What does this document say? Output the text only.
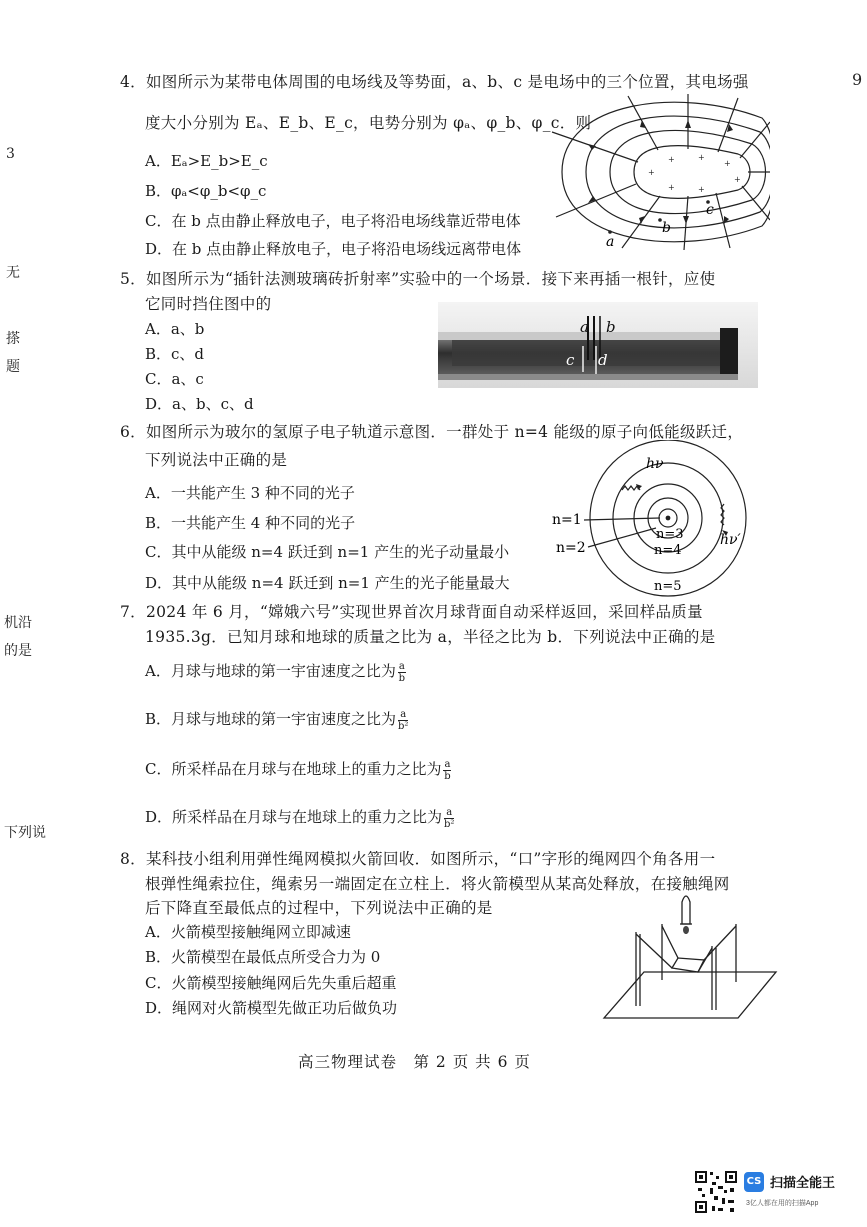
9
3
无
搽
题
机沿
的是
下列说
4．如图所示为某带电体周围的电场线及等势面，a、b、c 是电场中的三个位置，其电场强
度大小分别为 Eₐ、E_b、E_c，电势分别为 φₐ、φ_b、φ_c．则
A．Eₐ>E_b>E_c
B．φₐ<φ_b<φ_c
C．在 b 点由静止释放电子，电子将沿电场线靠近带电体
D．在 b 点由静止释放电子，电子将沿电场线远离带电体
+
+	+
+
+	+
+
a
b
c
5．如图所示为“插针法测玻璃砖折射率”实验中的一个场景．接下来再插一根针，应使
它同时挡住图中的
A．a、b
B．c、d
C．a、c
D．a、b、c、d
a b
c d
6．如图所示为玻尔的氢原子电子轨道示意图．一群处于 n=4 能级的原子向低能级跃迁，
下列说法中正确的是
A．一共能产生 3 种不同的光子
B．一共能产生 4 种不同的光子
C．其中从能级 n=4 跃迁到 n=1 产生的光子动量最小
D．其中从能级 n=4 跃迁到 n=1 产生的光子能量最大
hν
hν′
n=1
n=2
n=3
n=4
n=5
7．2024 年 6 月，“嫦娥六号”实现世界首次月球背面自动采样返回，采回样品质量
1935.3g．已知月球和地球的质量之比为 a，半径之比为 b．下列说法中正确的是
A．月球与地球的第一宇宙速度之比为 $\frac{a}{b}$
B．月球与地球的第一宇宙速度之比为 $\frac{a}{\text{b²}}$
C．所采样品在月球与在地球上的重力之比为 $\frac{a}{b}$
D．所采样品在月球与在地球上的重力之比为 $\frac{a}{\text{b²}}$
8．某科技小组利用弹性绳网模拟火箭回收．如图所示，“口”字形的绳网四个角各用一
根弹性绳索拉住，绳索另一端固定在立柱上．将火箭模型从某高处释放，在接触绳网
后下降直至最低点的过程中，下列说法中正确的是
A．火箭模型接触绳网立即减速
B．火箭模型在最低点所受合力为 0
C．火箭模型接触绳网后先失重后超重
D．绳网对火箭模型先做正功后做负功
高三物理试卷　第 2 页 共 6 页
CS 扫描全能王
3亿人都在用的扫描App
